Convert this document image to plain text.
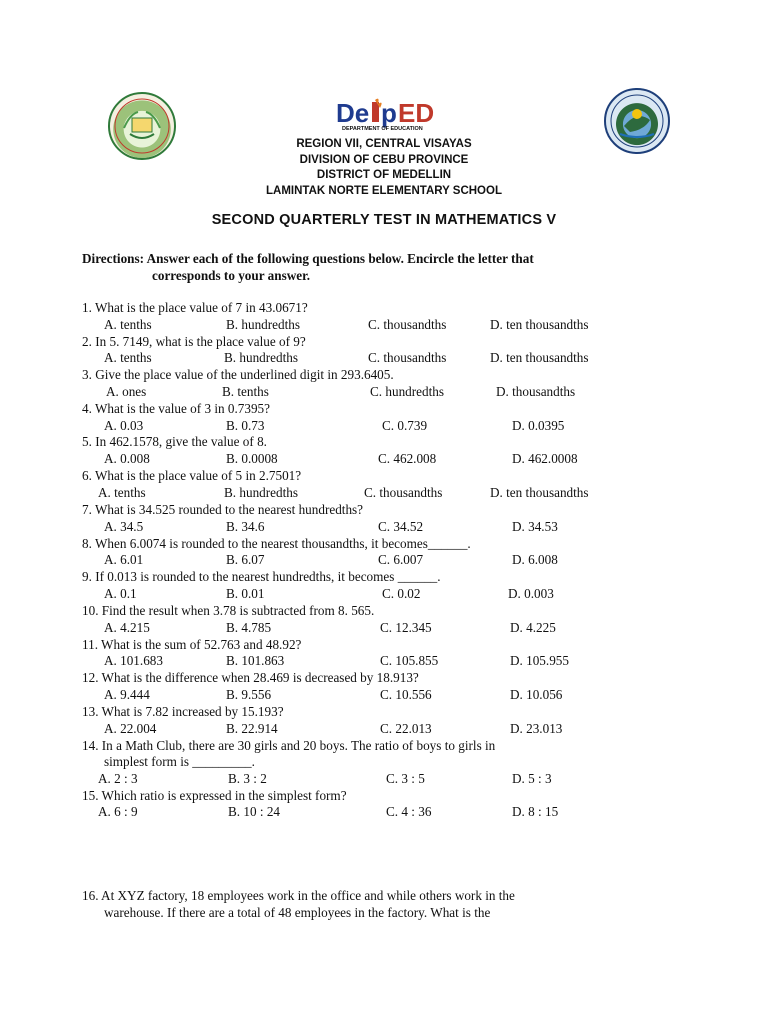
De p ED
DEPARTMENT OF EDUCATION
REGION VII, CENTRAL VISAYAS
DIVISION OF CEBU PROVINCE
DISTRICT OF MEDELLIN
LAMINTAK NORTE ELEMENTARY SCHOOL
SECOND QUARTERLY TEST IN MATHEMATICS V
Directions: Answer each of the following questions below. Encircle the letter that
corresponds to your answer.
1. What is the place value of 7 in 43.0671?
A. tenths	B. hundredths	C. thousandths	D. ten thousandths
2. In 5. 7149, what is the place value of 9?
A. tenths	B. hundredths	C. thousandths	D. ten thousandths
3. Give the place value of the underlined digit in 293.6405.
A. ones	B. tenths	C. hundredths	D. thousandths
4. What is the value of 3 in 0.7395?
A. 0.03	B. 0.73	C. 0.739	D. 0.0395
5. In 462.1578, give the value of 8.
A. 0.008	B. 0.0008	C. 462.008	D. 462.0008
6. What is the place value of 5 in 2.7501?
A. tenths	B. hundredths	C. thousandths	D. ten thousandths
7. What is 34.525 rounded to the nearest hundredths?
A. 34.5	B. 34.6	C. 34.52	D. 34.53
8. When 6.0074 is rounded to the nearest thousandths, it becomes______.
A. 6.01	B. 6.07	C. 6.007	D. 6.008
9. If 0.013 is rounded to the nearest hundredths, it becomes ______.
A. 0.1	B. 0.01	C. 0.02	D. 0.003
10. Find the result when 3.78 is subtracted from 8. 565.
A. 4.215	B. 4.785	C. 12.345	D. 4.225
11. What is the sum of 52.763 and 48.92?
A. 101.683	B. 101.863	C. 105.855	D. 105.955
12. What is the difference when 28.469 is decreased by 18.913?
A. 9.444	B. 9.556	C. 10.556	D. 10.056
13. What is 7.82 increased by 15.193?
A. 22.004	B. 22.914	C. 22.013	D. 23.013
14. In a Math Club, there are 30 girls and 20 boys. The ratio of boys to girls in
simplest form is _________.
A. 2 : 3	B. 3 : 2	C. 3 : 5	D. 5 : 3
15. Which ratio is expressed in the simplest form?
A. 6 : 9	B. 10 : 24	C. 4 : 36	D. 8 : 15
16. At XYZ factory, 18 employees work in the office and while others work in the
warehouse. If there are a total of 48 employees in the factory. What is the
